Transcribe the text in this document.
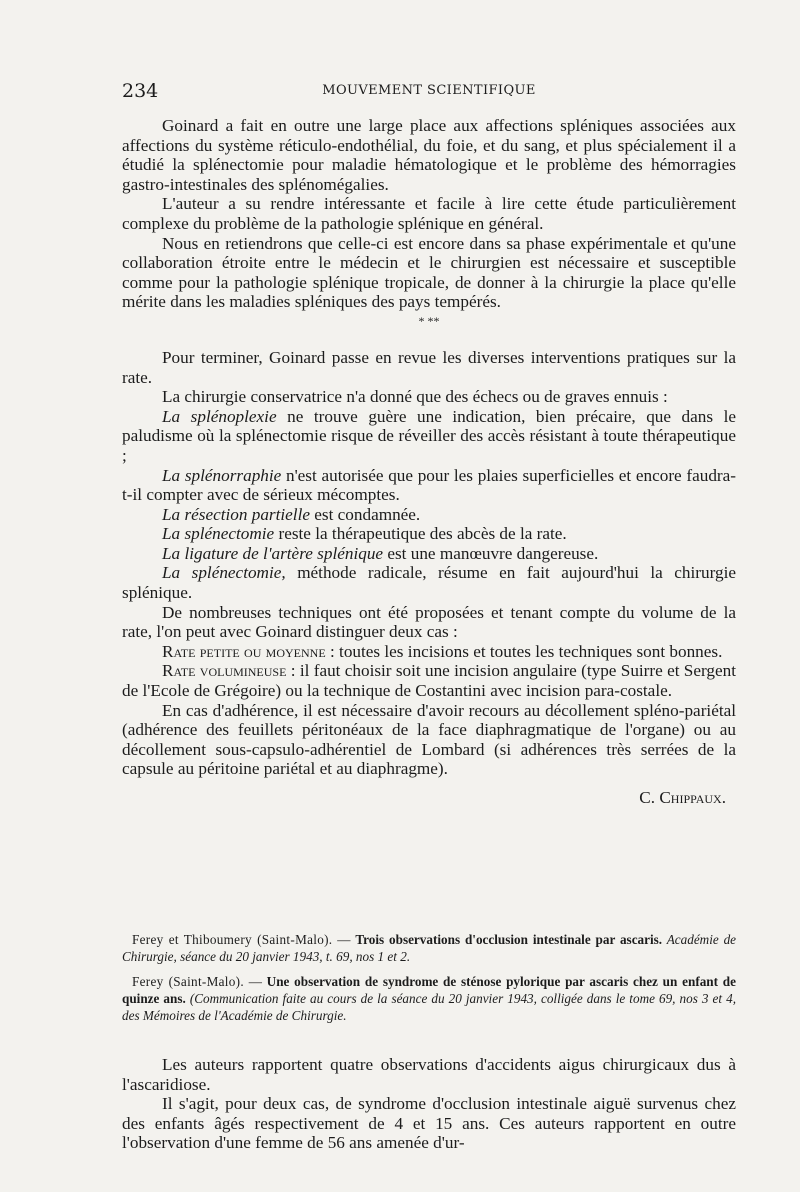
234	MOUVEMENT SCIENTIFIQUE

Goinard a fait en outre une large place aux affections spléniques associées aux affections du système réticulo-endothélial, du foie, et du sang, et plus spécialement il a étudié la splénectomie pour maladie hématologique et le problème des hémorragies gastro-intestinales des splénomégalies.

L'auteur a su rendre intéressante et facile à lire cette étude particulièrement complexe du problème de la pathologie splénique en général.

Nous en retiendrons que celle-ci est encore dans sa phase expérimentale et qu'une collaboration étroite entre le médecin et le chirurgien est nécessaire et susceptible comme pour la pathologie splénique tropicale, de donner à la chirurgie la place qu'elle mérite dans les maladies spléniques des pays tempérés.

* **

Pour terminer, Goinard passe en revue les diverses interventions pratiques sur la rate.

La chirurgie conservatrice n'a donné que des échecs ou de graves ennuis :

La splénoplexie ne trouve guère une indication, bien précaire, que dans le paludisme où la splénectomie risque de réveiller des accès résistant à toute thérapeutique ;

La splénorraphie n'est autorisée que pour les plaies superficielles et encore faudra-t-il compter avec de sérieux mécomptes.

La résection partielle est condamnée.

La splénectomie reste la thérapeutique des abcès de la rate.

La ligature de l'artère splénique est une manœuvre dangereuse.

La splénectomie, méthode radicale, résume en fait aujourd'hui la chirurgie splénique.

De nombreuses techniques ont été proposées et tenant compte du volume de la rate, l'on peut avec Goinard distinguer deux cas :

Rate petite ou moyenne : toutes les incisions et toutes les techniques sont bonnes.

Rate volumineuse : il faut choisir soit une incision angulaire (type Suirre et Sergent de l'Ecole de Grégoire) ou la technique de Costantini avec incision para-costale.

En cas d'adhérence, il est nécessaire d'avoir recours au décollement spléno-pariétal (adhérence des feuillets péritonéaux de la face diaphragmatique de l'organe) ou au décollement sous-capsulo-adhérentiel de Lombard (si adhérences très serrées de la capsule au péritoine pariétal et au diaphragme).

C. Chippaux.
Ferey et Thiboumery (Saint-Malo). — Trois observations d'occlusion intestinale par ascaris. Académie de Chirurgie, séance du 20 janvier 1943, t. 69, nos 1 et 2.
Ferey (Saint-Malo). — Une observation de syndrome de sténose pylorique par ascaris chez un enfant de quinze ans. (Communication faite au cours de la séance du 20 janvier 1943, colligée dans le tome 69, nos 3 et 4, des Mémoires de l'Académie de Chirurgie.

Les auteurs rapportent quatre observations d'accidents aigus chirurgicaux dus à l'ascaridiose.

Il s'agit, pour deux cas, de syndrome d'occlusion intestinale aiguë survenus chez des enfants âgés respectivement de 4 et 15 ans. Ces auteurs rapportent en outre l'observation d'une femme de 56 ans amenée d'ur-
